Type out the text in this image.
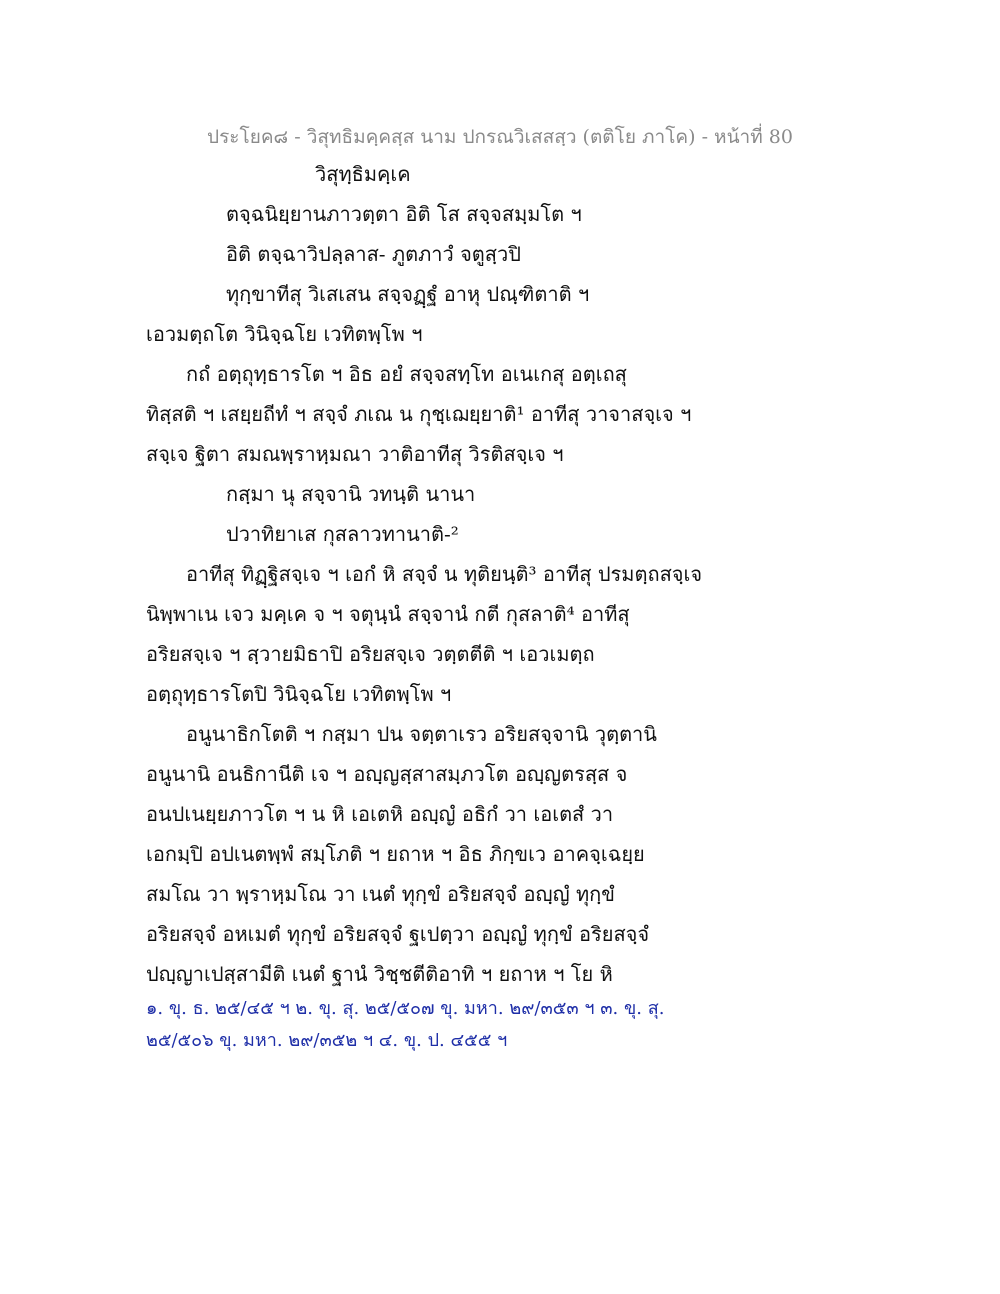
ประโยค๘ - วิสุทธิมคฺคสฺส นาม ปกรณวิเสสสฺว (ตติโย ภาโค) - หน้าที่ 80
วิสุทฺธิมคฺเค
ตจฺฉนิยฺยานภาวตฺตา อิติ โส สจฺจสมฺมโต ฯ
อิติ ตจฺฉาวิปลฺลาส- ภูตภาวํ จตูสฺวปิ
ทุกฺขาทีสุ วิเสเสน สจฺจฏฺฐํ อาหุ ปณฺฑิตาติ ฯ
เอวมตฺถโต วินิจฺฉโย เวทิตพฺโพ ฯ
กถํ อตฺถุทฺธารโต ฯ อิธ อยํ สจฺจสทฺโท อเนเกสุ อตฺเถสุ
ทิสฺสติ ฯ เสยฺยถีทํ ฯ สจฺจํ ภเณ น กุชฺเฌยฺยาติ¹ อาทีสุ วาจาสจฺเจ ฯ
สจฺเจ ฐิตา สมณพฺราหฺมณา วาติอาทีสุ วิรติสจฺเจ ฯ
กสฺมา นุ สจฺจานิ วทนฺติ นานา
ปวาทิยาเส กุสลาวทานาติ-²
อาทีสุ ทิฏฺฐิสจฺเจ ฯ เอกํ หิ สจฺจํ น ทุติยนฺติ³ อาทีสุ ปรมตฺถสจฺเจ
นิพฺพาเน เจว มคฺเค จ ฯ จตุนฺนํ สจฺจานํ กตี กุสลาติ⁴ อาทีสุ
อริยสจฺเจ ฯ สฺวายมิธาปิ อริยสจฺเจ วตฺตตีติ ฯ เอวเมตฺถ
อตฺถุทฺธารโตปิ วินิจฺฉโย เวทิตพฺโพ ฯ
อนูนาธิกโตติ ฯ กสฺมา ปน จตฺตาเรว อริยสจฺจานิ วุตฺตานิ
อนูนานิ อนธิกานีติ เจ ฯ อญฺญสฺสาสมฺภวโต อญฺญตรสฺส จ
อนปเนยฺยภาวโต ฯ น หิ เอเตหิ อญฺญํ อธิกํ วา เอเตสํ วา
เอกมฺปิ อปเนตพฺพํ สมฺโภติ ฯ ยถาห ฯ อิธ ภิกฺขเว อาคจฺเฉยฺย
สมโณ วา พฺราหฺมโณ วา เนตํ ทุกฺขํ อริยสจฺจํ อญฺญํ ทุกฺขํ
อริยสจฺจํ อหเมตํ ทุกฺขํ อริยสจฺจํ ฐเปตฺวา อญฺญํ ทุกฺขํ อริยสจฺจํ
ปญฺญาเปสฺสามีติ เนตํ ฐานํ วิชฺชตีติอาทิ ฯ ยถาห ฯ โย หิ
๑. ขุ. ธ. ๒๕/๔๕ ฯ ๒. ขุ. สุ. ๒๕/๕๐๗ ขุ. มหา. ๒๙/๓๕๓ ฯ ๓. ขุ. สุ.
๒๕/๕๐๖ ขุ. มหา. ๒๙/๓๕๒ ฯ ๔. ขุ. ป. ๔๕๕ ฯ
